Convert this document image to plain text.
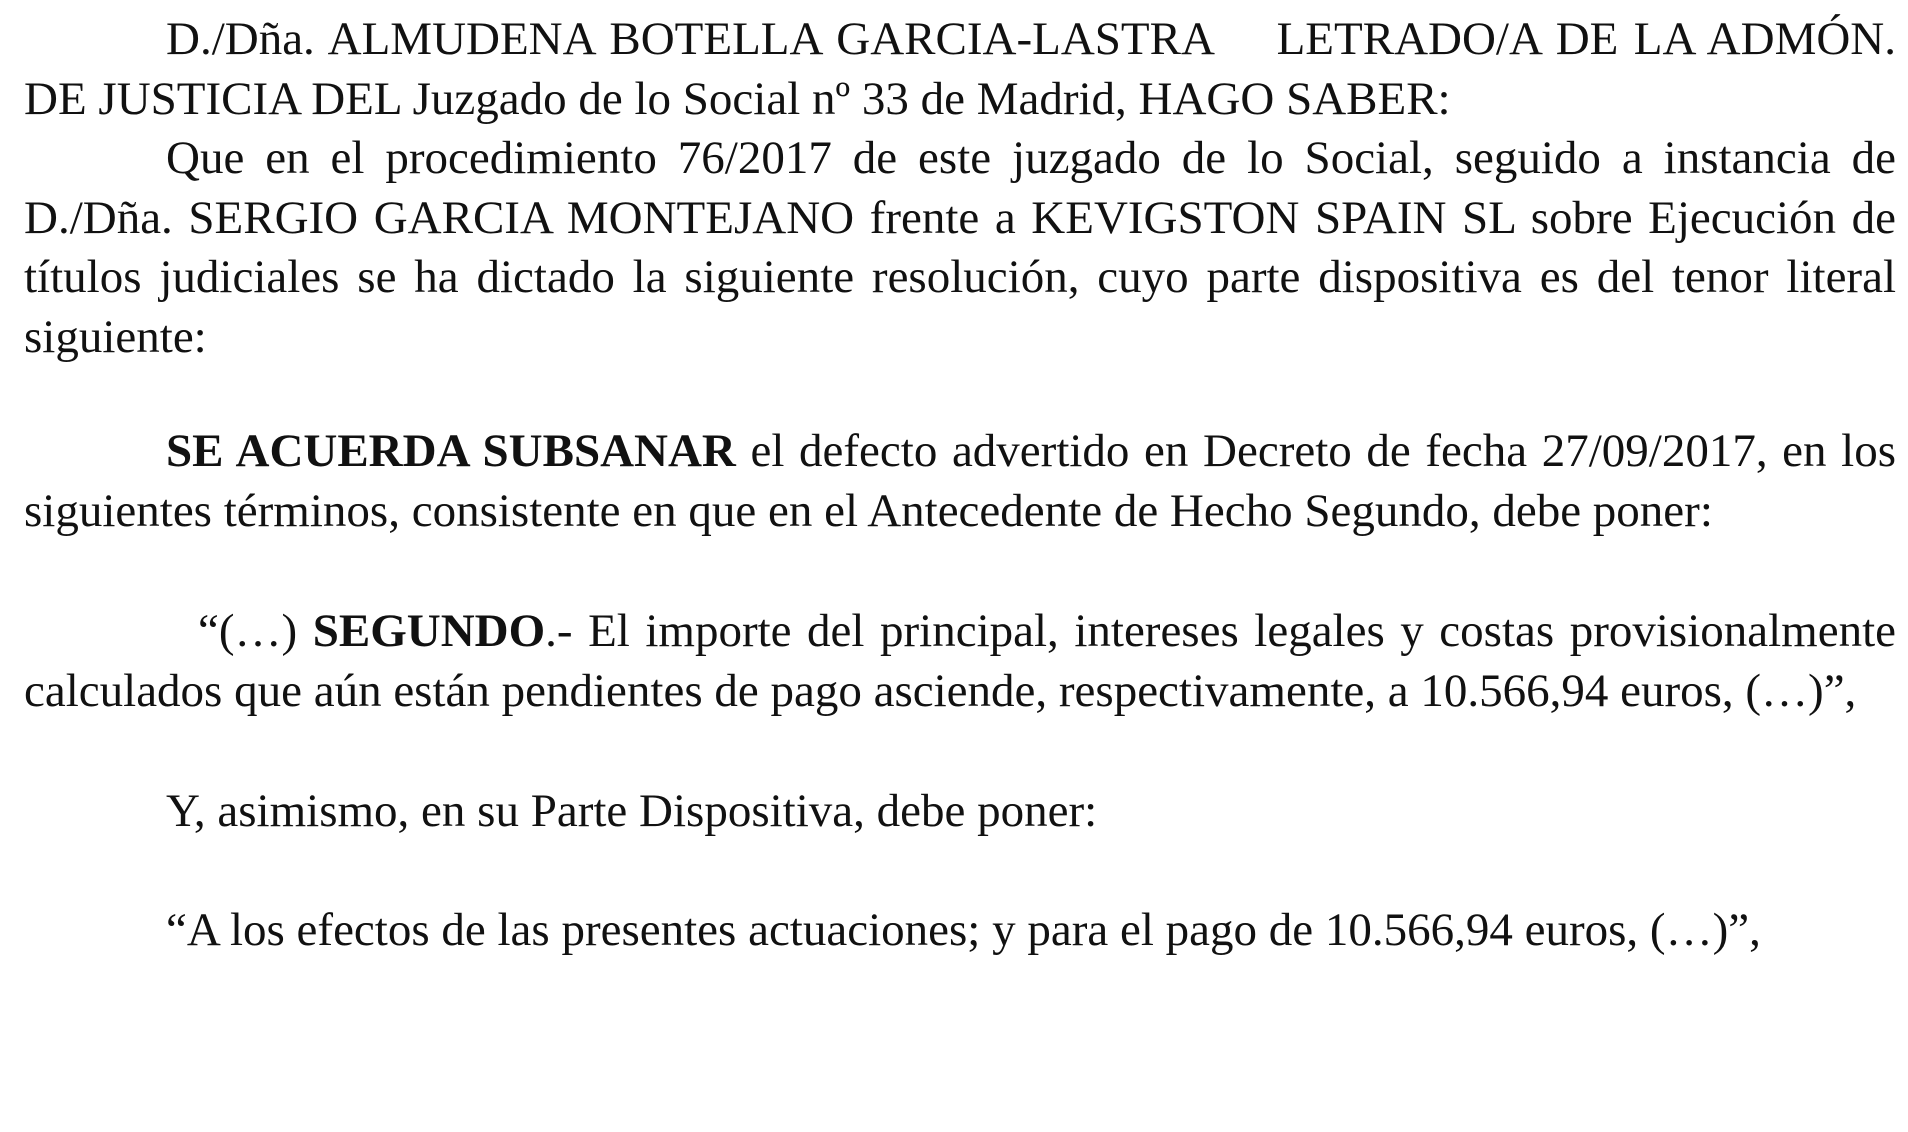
D./Dña. ALMUDENA BOTELLA GARCIA-LASTRA LETRADO/A DE LA ADMÓN. DE JUSTICIA DEL Juzgado de lo Social nº 33 de Madrid, HAGO SABER:

Que en el procedimiento 76/2017 de este juzgado de lo Social, seguido a instancia de D./Dña. SERGIO GARCIA MONTEJANO frente a KEVIGSTON SPAIN SL sobre Ejecución de títulos judiciales se ha dictado la siguiente resolución, cuyo parte dispositiva es del tenor literal siguiente:

SE ACUERDA SUBSANAR el defecto advertido en Decreto de fecha 27/09/2017, en los siguientes términos, consistente en que en el Antecedente de Hecho Segundo, debe poner:

“(…) SEGUNDO.- El importe del principal, intereses legales y costas provisionalmente calculados que aún están pendientes de pago asciende, respectivamente, a 10.566,94 euros, (…)”,

Y, asimismo, en su Parte Dispositiva, debe poner:

“A los efectos de las presentes actuaciones; y para el pago de 10.566,94 euros, (…)”,
